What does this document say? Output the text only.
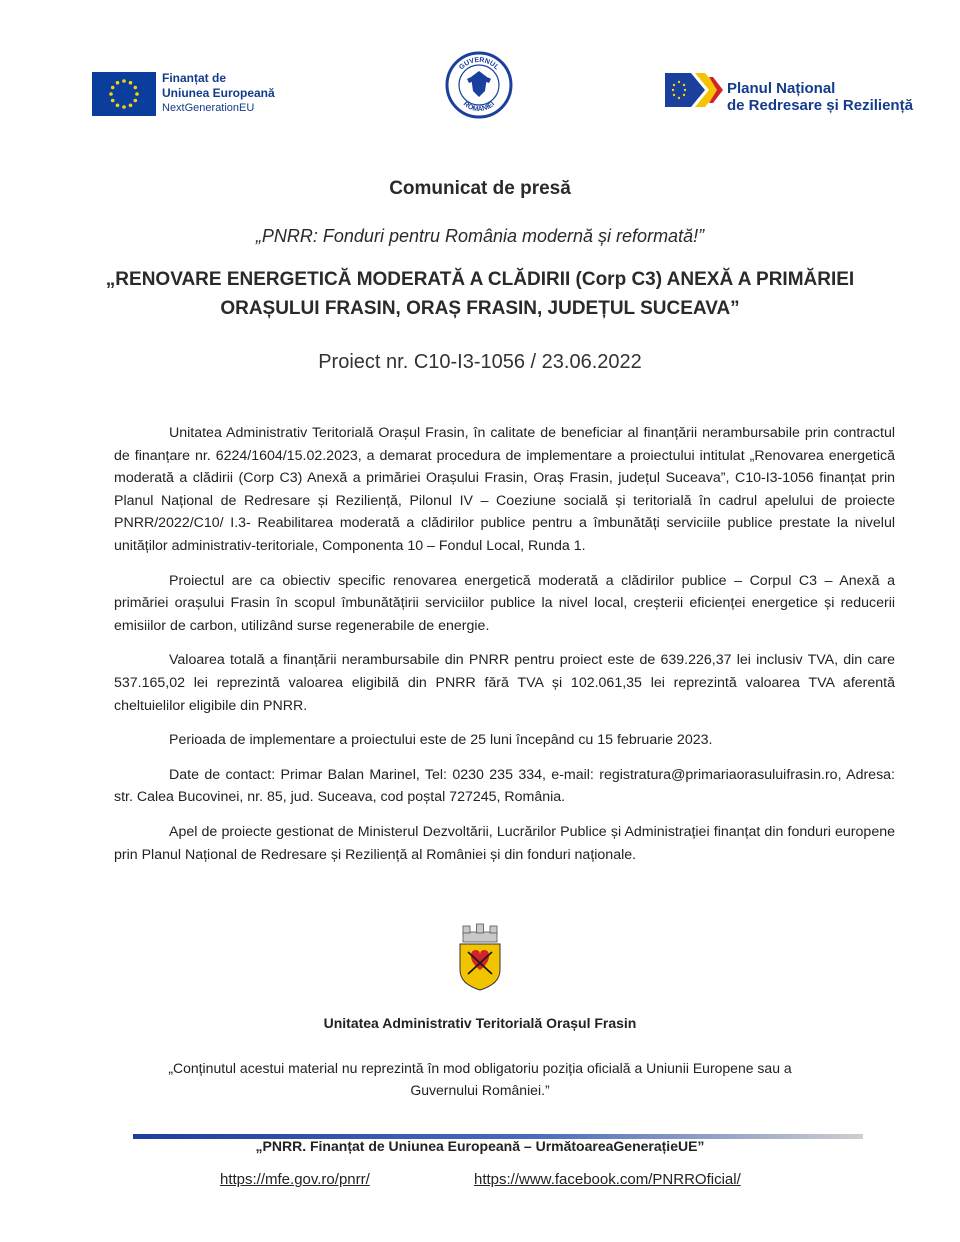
Finanțat de
Uniunea Europeană
NextGenerationEU
GUVERNUL
ROMÂNIEI
Planul Național
de Redresare și Reziliență
Comunicat de presă
„PNRR: Fonduri pentru România modernă și reformată!”
„RENOVARE ENERGETICĂ MODERATĂ A CLĂDIRII (Corp C3) ANEXĂ A PRIMĂRIEI
ORAȘULUI FRASIN, ORAȘ FRASIN, JUDEȚUL SUCEAVA”
Proiect nr. C10-I3-1056 / 23.06.2022

Unitatea Administrativ Teritorială Orașul Frasin, în calitate de beneficiar al finanțării nerambursabile prin contractul de finanțare nr. 6224/1604/15.02.2023, a demarat procedura de implementare a proiectului intitulat „Renovarea energetică moderată a clădirii (Corp C3) Anexă a primăriei Orașului Frasin, Oraș Frasin, județul Suceava”, C10-I3-1056 finanțat prin Planul Național de Redresare și Reziliență, Pilonul IV – Coeziune socială și teritorială în cadrul apelului de proiecte PNRR/2022/C10/ I.3- Reabilitarea moderată a clădirilor publice pentru a îmbunătăți serviciile publice prestate la nivelul unităților administrativ-teritoriale, Componenta 10 – Fondul Local, Runda 1.

Proiectul are ca obiectiv specific renovarea energetică moderată a clădirilor publice – Corpul C3 – Anexă a primăriei orașului Frasin în scopul îmbunătățirii serviciilor publice la nivel local, creșterii eficienței energetice și reducerii emisiilor de carbon, utilizând surse regenerabile de energie.

Valoarea totală a finanțării nerambursabile din PNRR pentru proiect este de 639.226,37 lei inclusiv TVA, din care 537.165,02 lei reprezintă valoarea eligibilă din PNRR fără TVA și 102.061,35 lei reprezintă valoarea TVA aferentă cheltuielilor eligibile din PNRR.

Perioada de implementare a proiectului este de 25 luni începând cu 15 februarie 2023.

Date de contact: Primar Balan Marinel, Tel: 0230 235 334, e-mail: registratura@primariaorasuluifrasin.ro, Adresa: str. Calea Bucovinei, nr. 85, jud. Suceava, cod poștal 727245, România.

Apel de proiecte gestionat de Ministerul Dezvoltării, Lucrărilor Publice și Administrației finanțat din fonduri europene prin Planul Național de Redresare și Reziliență al României și din fonduri naționale.

Unitatea Administrativ Teritorială Orașul Frasin
„Conținutul acestui material nu reprezintă în mod obligatoriu poziția oficială a Uniunii Europene sau a
Guvernului României.”
„PNRR. Finanțat de Uniunea Europeană – UrmătoareaGenerațieUE”
https://mfe.gov.ro/pnrr/	https://www.facebook.com/PNRROficial/
